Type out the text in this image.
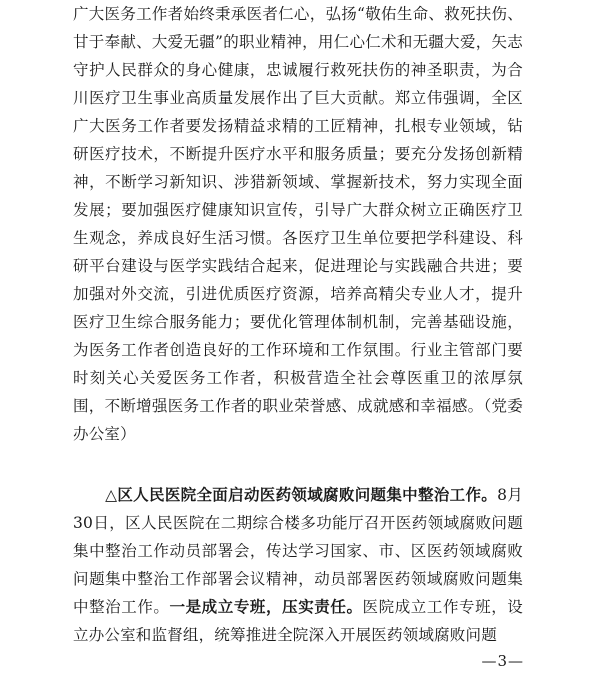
广大医务工作者始终秉承医者仁心，弘扬“敬佑生命、救死扶伤、甘于奉献、大爱无疆”的职业精神，用仁心仁术和无疆大爱，矢志守护人民群众的身心健康，忠诚履行救死扶伤的神圣职责，为合川医疗卫生事业高质量发展作出了巨大贡献。郑立伟强调，全区广大医务工作者要发扬精益求精的工匠精神，扎根专业领域，钻研医疗技术，不断提升医疗水平和服务质量；要充分发扬创新精神，不断学习新知识、涉猎新领域、掌握新技术，努力实现全面发展；要加强医疗健康知识宣传，引导广大群众树立正确医疗卫生观念，养成良好生活习惯。各医疗卫生单位要把学科建设、科研平台建设与医学实践结合起来，促进理论与实践融合共进；要加强对外交流，引进优质医疗资源，培养高精尖专业人才，提升医疗卫生综合服务能力；要优化管理体制机制，完善基础设施，为医务工作者创造良好的工作环境和工作氛围。行业主管部门要时刻关心关爱医务工作者，积极营造全社会尊医重卫的浓厚氛围，不断增强医务工作者的职业荣誉感、成就感和幸福感。（党委办公室）

△区人民医院全面启动医药领域腐败问题集中整治工作。8月30日，区人民医院在二期综合楼多功能厅召开医药领域腐败问题集中整治工作动员部署会，传达学习国家、市、区医药领域腐败问题集中整治工作部署会议精神，动员部署医药领域腐败问题集中整治工作。一是成立专班，压实责任。医院成立工作专班，设立办公室和监督组，统筹推进全院深入开展医药领域腐败问题

—3—
